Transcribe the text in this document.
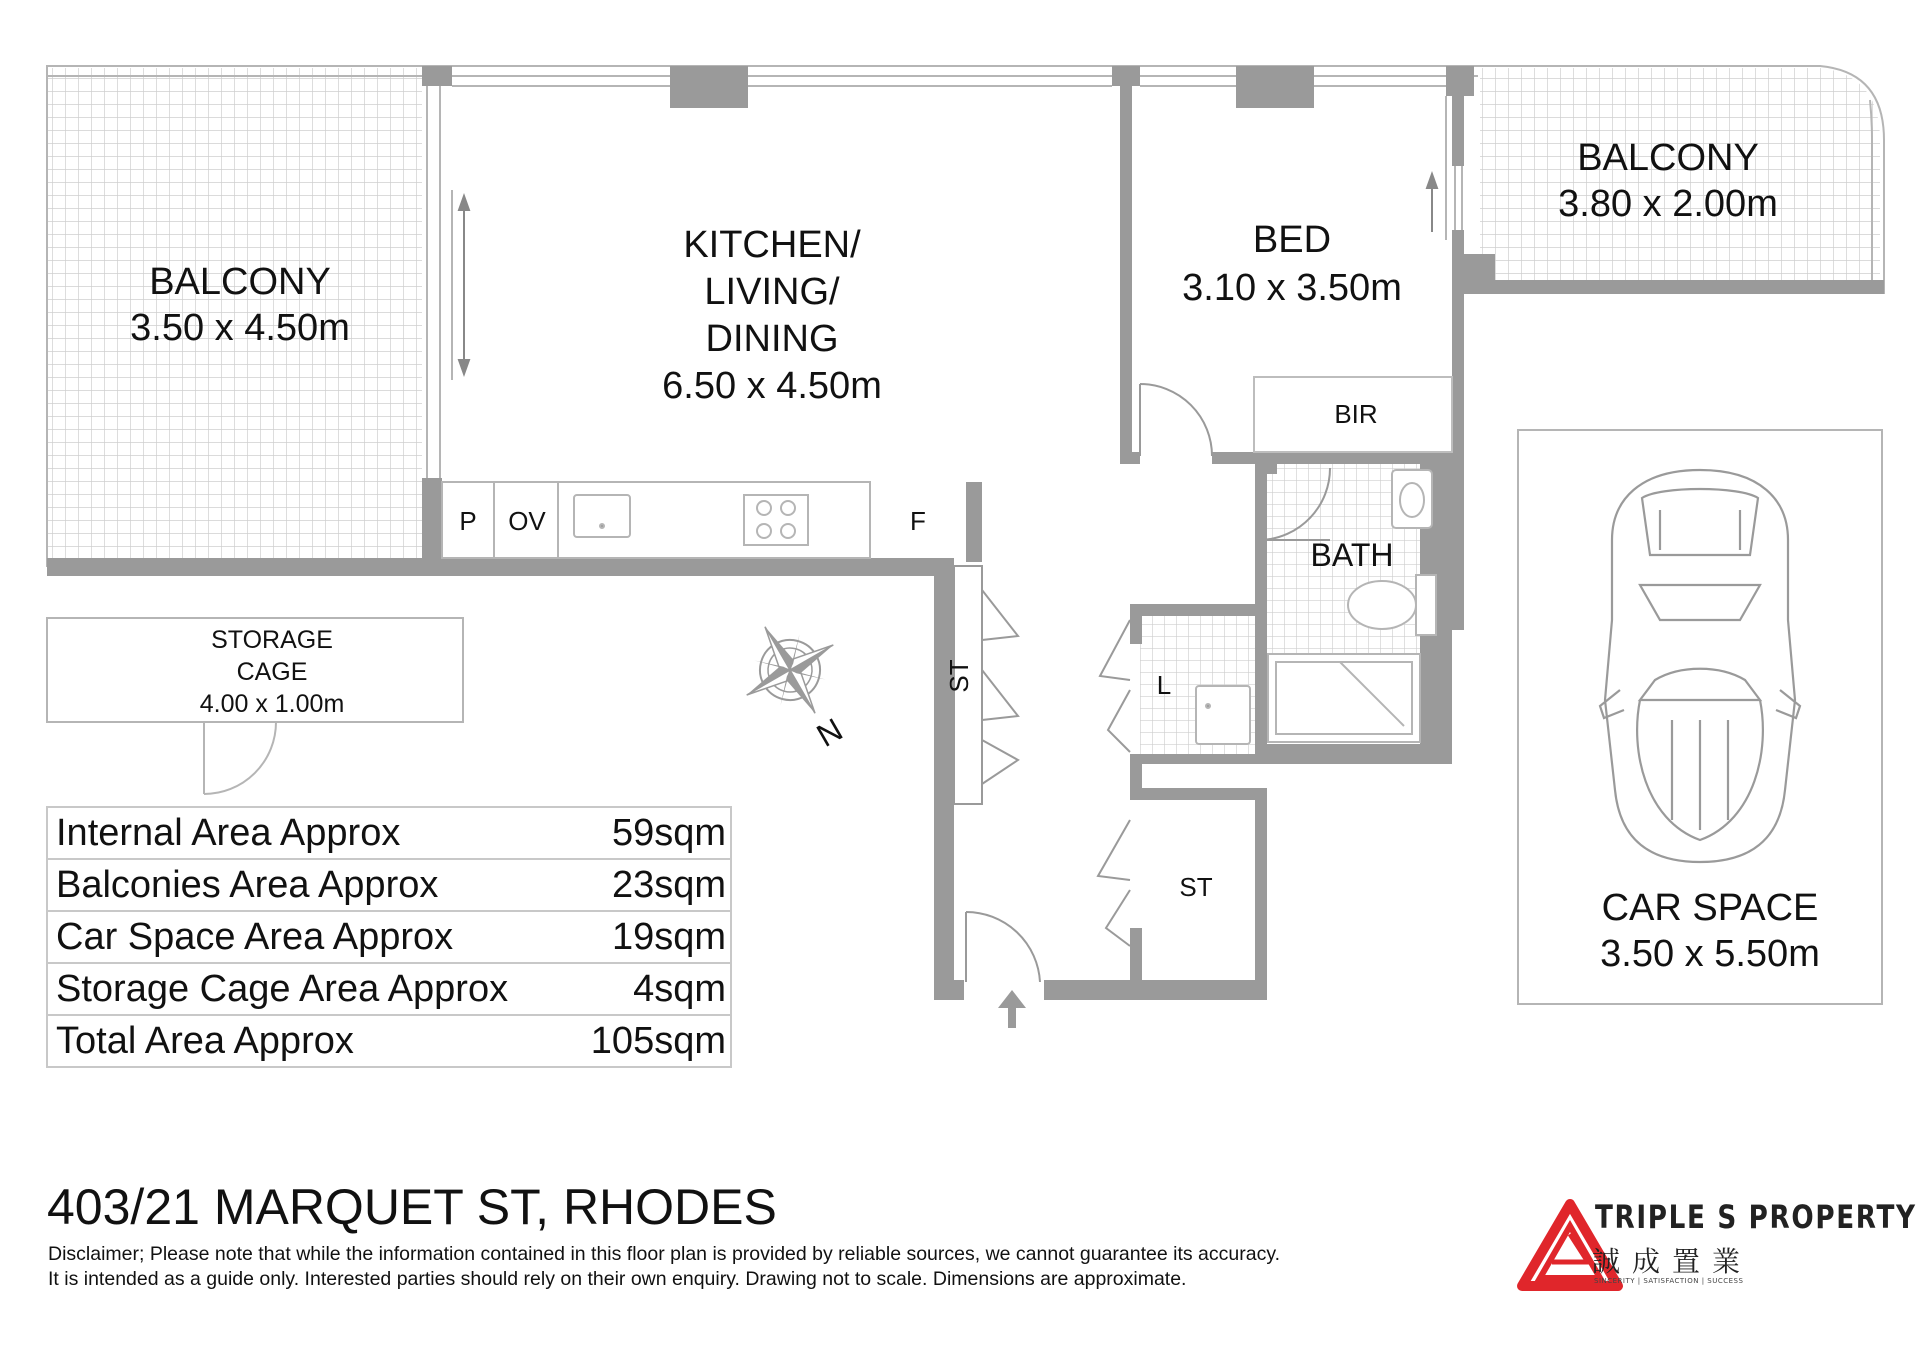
N
BALCONY
3.50 x 4.50m
KITCHEN/
LIVING/
DINING
6.50 x 4.50m
BED
3.10 x 3.50m
BALCONY
3.80 x 2.00m
BIR
BATH
L
ST
ST
P OV	F
STORAGE
CAGE
4.00 x 1.00m
CAR SPACE
3.50 x 5.50m
Internal Area Approx	59sqm
Balconies Area Approx	23sqm
Car Space Area Approx	19sqm
Storage Cage Area Approx	4sqm
Total Area Approx	105sqm
403/21 MARQUET ST, RHODES
Disclaimer; Please note that while the information contained in this floor plan is provided by reliable sources, we cannot guarantee its accuracy.
It is intended as a guide only. Interested parties should rely on their own enquiry. Drawing not to scale. Dimensions are approximate.
TRIPLE S PROPERTY
誠成置業
SINCERITY | SATISFACTION | SUCCESS
